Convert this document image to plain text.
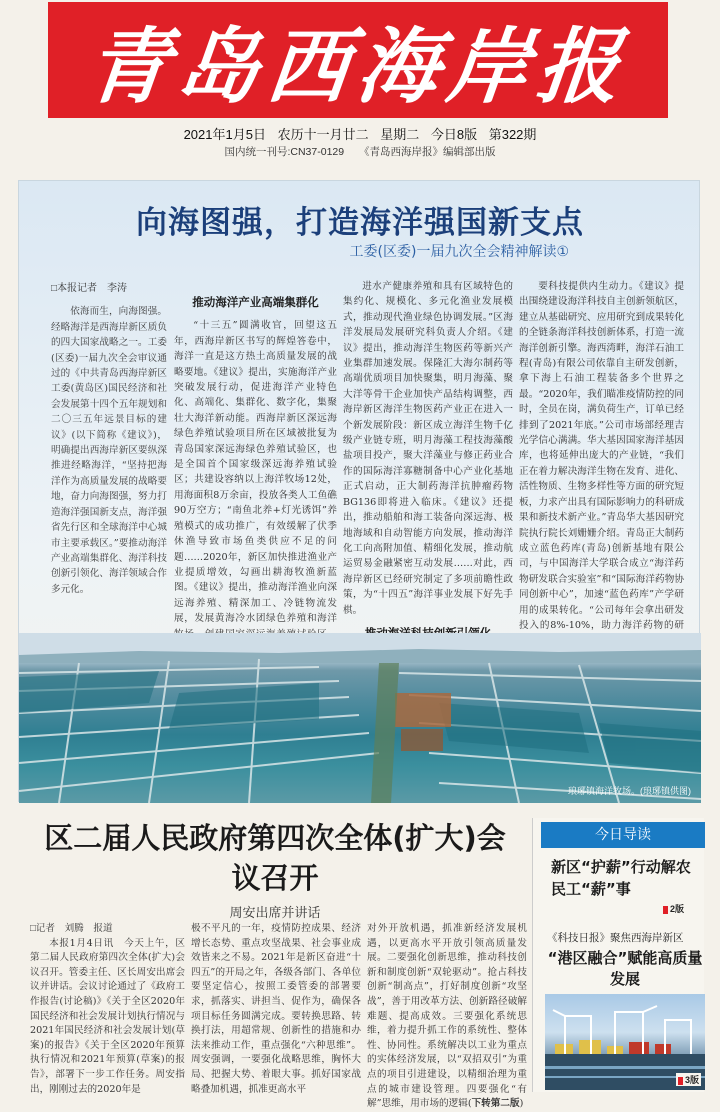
青岛西海岸报
2021年1月5日 农历十一月廿二 星期二 今日8版 第322期
国内统一刊号:CN37-0129 《青岛西海岸报》编辑部出版
向海图强，打造海洋强国新支点
工委(区委)一届九次全会精神解读①
□本报记者　李涛

依海而生，向海图强。经略海洋是西海岸新区质负的四大国家战略之一。工委(区委)一届九次全会审议通过的《中共青岛西海岸新区工委(黄岛区)国民经济和社会发展第十四个五年规划和二〇三五年远景目标的建议》(以下简称《建议》)，明确提出西海岸新区要纵深推进经略海洋，“坚持把海洋作为高质量发展的战略要地，奋力向海图强，努力打造海洋强国新支点，海洋强省先行区和全球海洋中心城市主要承载区。”要推动海洋产业高端集群化、海洋科技创新引领化、海洋领域合作多元化。

推动海洋产业高端集群化

“十三五”圆满收官，回望这五年，西海岸新区书写的辉煌答卷中，海洋一直是这方热土高质量发展的战略要地。《建议》提出，实施海洋产业突破发展行动，促进海洋产业特色化、高端化、集群化、数字化，集聚壮大海洋新动能。西海岸新区深远海绿色养殖试验项目所在区域被批复为青岛国家深远海绿色养殖试验区，也是全国首个国家级深远海养殖试验区；共建设容纳以上海洋牧场12处，用海面积8万余亩，投放各类人工鱼礁90万空方；“南鱼北养+灯光诱饵”养殖模式的成功推广，有效缓解了伏季休渔导致市场鱼类供应不足的问题……2020年，新区加快推进渔业产业提质增效，勾画出耕海牧渔新蓝图。《建议》提出，推动海洋渔业向深远海养殖、精深加工、冷链物流发展，发展黄海冷水团绿色养殖和海洋

进水产健康养殖和具有区域特色的集约化、规模化、多元化渔业发展模式，推动现代渔业绿色协调发展。”区海洋发展局发展研究科负责人介绍。《建议》提出，推动海洋生物医药等新兴产业集群加速发展。保隆汇大海尔制药等高端优质项目加快聚集，明月海藻、聚大洋等骨干企业加快产品结构调整，西海岸新区海洋生物医药产业正在进入一个新发展阶段：新区成立海洋生物千亿级产业链专班，明月海藻工程技海藻酸盐项目投产，聚大洋藻业与修正药业合作的国际海洋寡糖制备中心产业化基地正式启动，正大制药海洋抗肿瘤药物BG136即将进入临床。《建议》还提出，推动船舶和海工装备向深远海、极地海域和自动智能方向发展，推动海洋化工向高附加值、精细化发展，推动航运贸易金融紧密互动发展……对此，西海岸新区已经研究制定了多项前瞻性政策，为“十四五”海洋事业发展下好先手棋。

要科技提供内生动力。《建议》提出围绕建设海洋科技自主创新领航区，建立从基础研究、应用研究到成果转化的全链条海洋科技创新体系，打造一流海洋创新引擎。海西湾畔，海洋石油工程(青岛)有限公司依靠自主研发创新，拿下海上石油工程装备多个世界之最。“2020年，我们瞄准疫情防控的同时，全员在岗，满负荷生产，订单已经排到了2021年底。”公司市场部经理吉光学信心满满。华大基因国家海洋基因库，也将延伸出庞大的产业链，“我们正在着力解决海洋生物在发育、进化、活性物质、生物多样性等方面的研究短板，力求产出具有国际影响力的科研成果和新技术新产业。”青岛华大基因研究院执行院长刘姗姗介绍。青岛正大制药成立蓝色药库(青岛)创新基地有限公司，与中国海洋大学联合成立“海洋药物研发联合实验室”和“国际海洋药物协同创新中心”，加速“蓝色药库”产学研用的成果转化。“公司每年会拿出研发投入的8%-10%，助力海洋药物的研

琅琊镇海洋牧场。(琅琊镇供图)
区二届人民政府第四次全体(扩大)会议召开
周安出席并讲话

□记者　刘腾　报道

本报1月4日讯　今天上午，区第二届人民政府第四次全体(扩大)会议召开。管委主任、区长周安出席会议并讲话。会议讨论通过了《政府工作报告(讨论稿)》《关于全区2020年国民经济和社会发展计划执行情况与2021年国民经济和社会发展计划(草案)的报告》《关于全区2020年预算执行情况和2021年预算(草案)的报告》，部署下一步工作任务。周安指出，刚刚过去的2020年是

极不平凡的一年，疫情防控成果、经济增长态势、重点攻坚战果、社会事业成效皆来之不易。2021年是新区奋进“十四五”的开局之年，各级各部门、各单位要坚定信心，按照工委管委的部署要求，抓落实、讲担当、促作为，确保各项目标任务圆满完成。要转换思路、转换打法，用超常规、创新性的措施和办法来推动工作，重点强化“六种思维”。周安强调，一要强化战略思维，胸怀大局、把握大势、着眼大事。抓好国家战略叠加机遇，抓准更高水平

对外开放机遇，抓准新经济发展机遇，以更高水平开放引领高质量发展。二要强化创新思维，推动科技创新和制度创新“双轮驱动”。抢占科技创新“制高点”，打好制度创新“攻坚战”，善于用改革方法、创新路径破解难题、提高成效。三要强化系统思维，着力提升抓工作的系统性、整体性、协同性。系统解决以工业为重点的实体经济发展，以“双招双引”为重点的项目引进建设，以精细治理为重点的城市建设管理。四要强化“有解”思维，用市场的逻辑(下转第二版)

今日导读
新区“护薪”行动解农民工“薪”事
2版
《科技日报》聚焦西海岸新区
“港区融合”赋能高质量发展
3版
